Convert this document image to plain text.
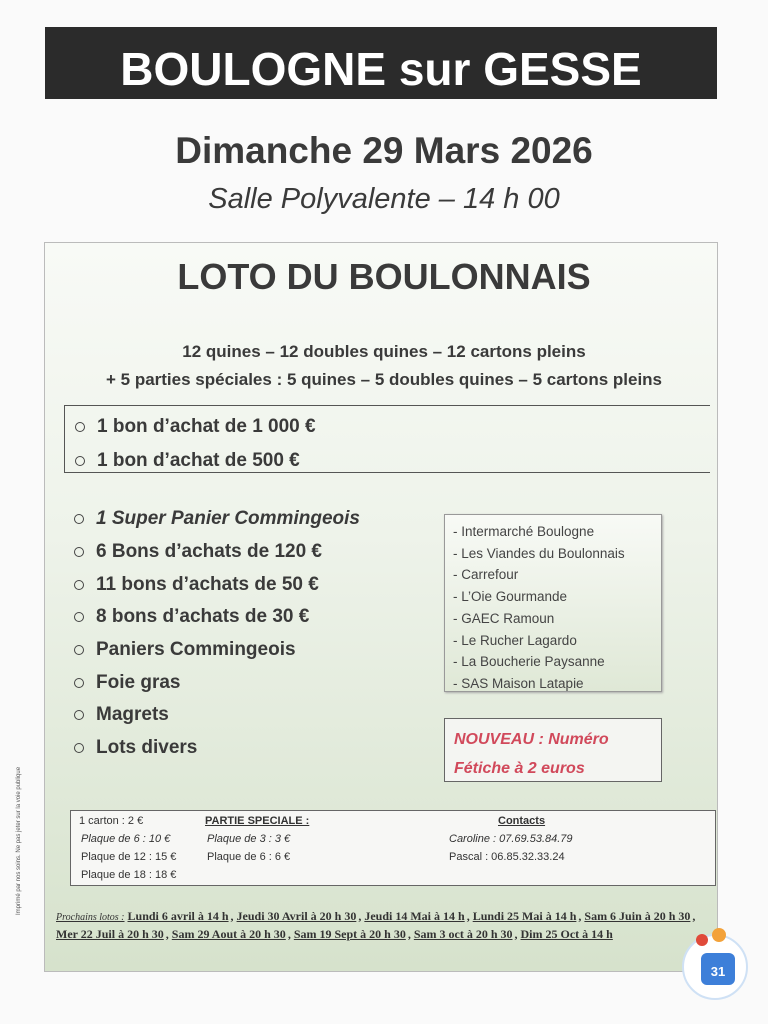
BOULOGNE sur GESSE
Dimanche 29 Mars 2026
Salle Polyvalente – 14 h 00
Imprimé par nos soins. Ne pas jeter sur la voie publique
LOTO DU BOULONNAIS
12 quines – 12 doubles quines – 12 cartons pleins
+ 5 parties spéciales : 5 quines – 5 doubles quines – 5 cartons pleins
1 bon d’achat de 1 000 €
1 bon d’achat de 500 €
1 Super Panier Commingeois
6 Bons d’achats de 120 €
11 bons d’achats de 50 €
8 bons d’achats de 30 €
Paniers Commingeois
Foie gras
Magrets
Lots divers
- Intermarché Boulogne
- Les Viandes du Boulonnais
- Carrefour
- L’Oie Gourmande
- GAEC Ramoun
- Le Rucher Lagardo
- La Boucherie Paysanne
- SAS Maison Latapie
NOUVEAU : Numéro
Fétiche à 2 euros
1 carton : 2 €
Plaque de 6 : 10 €
Plaque de 12 : 15 €
Plaque de 18 : 18 €
PARTIE SPECIALE :
Plaque de 3 : 3 €
Plaque de 6 : 6 €
Contacts
Caroline : 07.69.53.84.79
Pascal : 06.85.32.33.24
Prochains lotos : Lundi 6 avril à 14 h , Jeudi 30 Avril à 20 h 30 , Jeudi 14 Mai à 14 h , Lundi 25 Mai à 14 h , Sam 6 Juin à 20 h 30 , Mer 22 Juil à 20 h 30 , Sam 29 Aout à 20 h 30 , Sam 19 Sept à 20 h 30 , Sam 3 oct à 20 h 30 , Dim 25 Oct à 14 h
31
